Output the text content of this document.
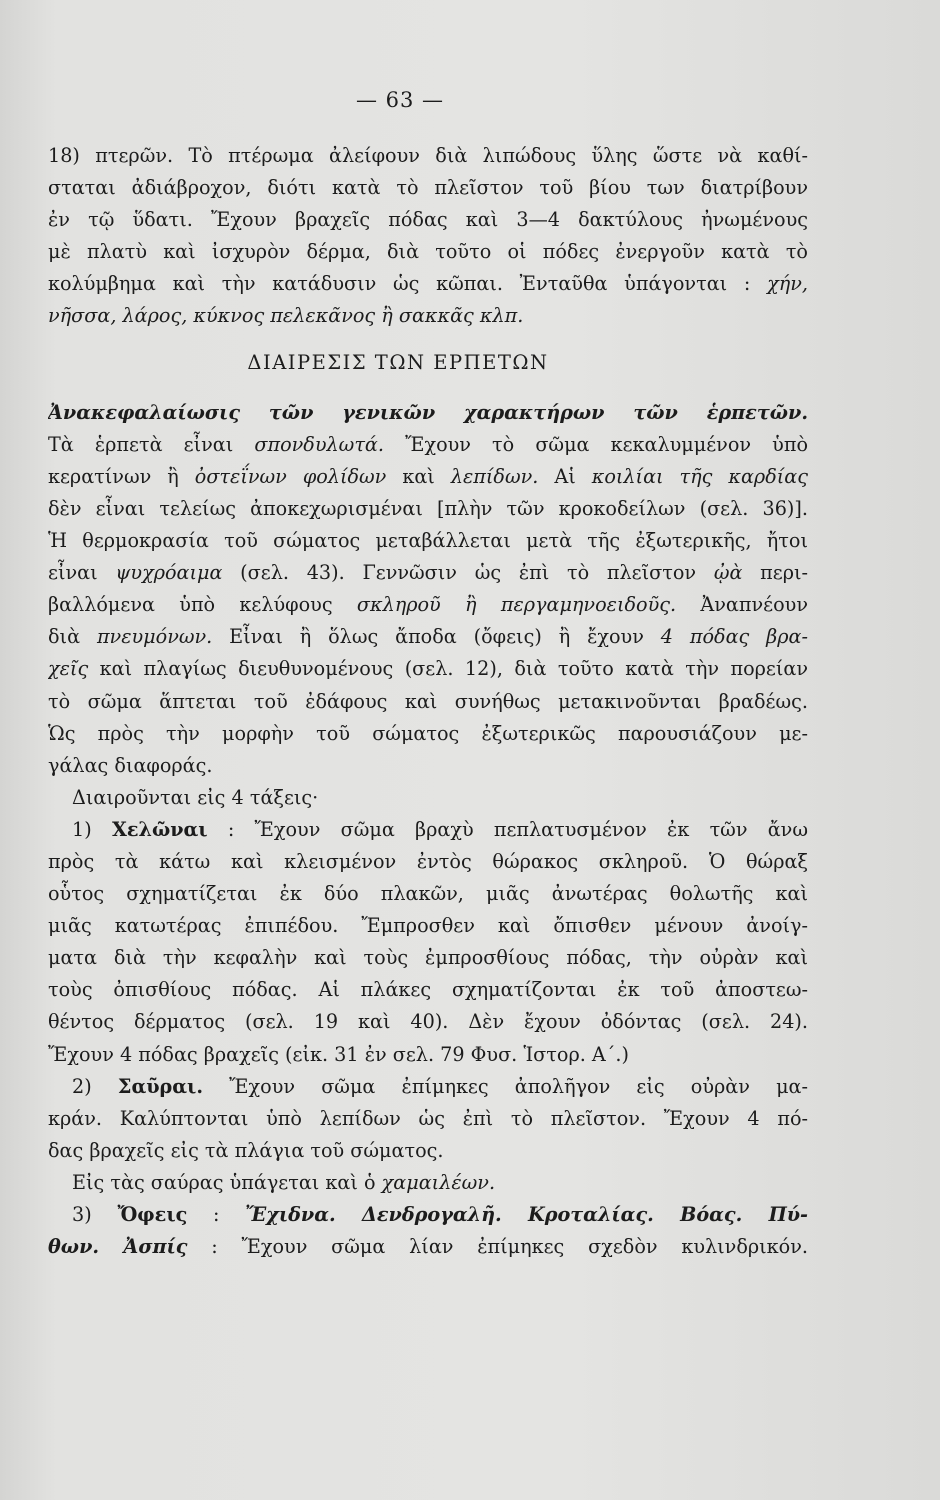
— 63 —
18) πτερῶν. Τὸ πτέρωμα ἀλείφουν διὰ λιπώδους ὕλης ὥστε νὰ καθί-
σταται ἀδιάβροχον, διότι κατὰ τὸ πλεῖστον τοῦ βίου των διατρίβουν
ἐν τῷ ὕδατι. Ἔχουν βραχεῖς πόδας καὶ 3—4 δακτύλους ἠνωμένους
μὲ πλατὺ καὶ ἰσχυρὸν δέρμα, διὰ τοῦτο οἱ πόδες ἐνεργοῦν κατὰ τὸ
κολύμβημα καὶ τὴν κατάδυσιν ὡς κῶπαι. Ἐνταῦθα ὑπάγονται : χήν,
νῆσσα, λάρος, κύκνος πελεκᾶνος ἢ σακκᾶς κλπ.
ΔΙΑΙΡΕΣΙΣ ΤΩΝ ΕΡΠΕΤΩΝ
Ἀνακεφαλαίωσις τῶν γενικῶν χαρακτήρων τῶν ἑρπετῶν.
Τὰ ἑρπετὰ εἶναι σπονδυλωτά. Ἔχουν τὸ σῶμα κεκαλυμμένον ὑπὸ
κερατίνων ἢ ὀστεΐνων φολίδων καὶ λεπίδων. Αἱ κοιλίαι τῆς καρδίας
δὲν εἶναι τελείως ἀποκεχωρισμέναι [πλὴν τῶν κροκοδείλων (σελ. 36)].
Ἡ θερμοκρασία τοῦ σώματος μεταβάλλεται μετὰ τῆς ἐξωτερικῆς, ἤτοι
εἶναι ψυχρόαιμα (σελ. 43). Γεννῶσιν ὡς ἐπὶ τὸ πλεῖστον ᾠὰ περι-
βαλλόμενα ὑπὸ κελύφους σκληροῦ ἢ περγαμηνοειδοῦς. Ἀναπνέουν
διὰ πνευμόνων. Εἶναι ἢ ὅλως ἄποδα (ὄφεις) ἢ ἔχουν 4 πόδας βρα-
χεῖς καὶ πλαγίως διευθυνομένους (σελ. 12), διὰ τοῦτο κατὰ τὴν πορείαν
τὸ σῶμα ἅπτεται τοῦ ἐδάφους καὶ συνήθως μετακινοῦνται βραδέως.
Ὡς πρὸς τὴν μορφὴν τοῦ σώματος ἐξωτερικῶς παρουσιάζουν με-
γάλας διαφοράς.
Διαιροῦνται εἰς 4 τάξεις·
1) Χελῶναι : Ἔχουν σῶμα βραχὺ πεπλατυσμένον ἐκ τῶν ἄνω
πρὸς τὰ κάτω καὶ κλεισμένον ἐντὸς θώρακος σκληροῦ. Ὁ θώραξ
οὗτος σχηματίζεται ἐκ δύο πλακῶν, μιᾶς ἀνωτέρας θολωτῆς καὶ
μιᾶς κατωτέρας ἐπιπέδου. Ἔμπροσθεν καὶ ὄπισθεν μένουν ἀνοίγ-
ματα διὰ τὴν κεφαλὴν καὶ τοὺς ἐμπροσθίους πόδας, τὴν οὐρὰν καὶ
τοὺς ὀπισθίους πόδας. Αἱ πλάκες σχηματίζονται ἐκ τοῦ ἀποστεω-
θέντος δέρματος (σελ. 19 καὶ 40). Δὲν ἔχουν ὀδόντας (σελ. 24).
Ἔχουν 4 πόδας βραχεῖς (εἰκ. 31 ἐν σελ. 79 Φυσ. Ἱστορ. Α΄.)
2) Σαῦραι. Ἔχουν σῶμα ἐπίμηκες ἀπολῆγον εἰς οὐρὰν μα-
κράν. Καλύπτονται ὑπὸ λεπίδων ὡς ἐπὶ τὸ πλεῖστον. Ἔχουν 4 πό-
δας βραχεῖς εἰς τὰ πλάγια τοῦ σώματος.
Εἰς τὰς σαύρας ὑπάγεται καὶ ὁ χαμαιλέων.
3) Ὄφεις : Ἔχιδνα. Δενδρογαλῆ. Κροταλίας. Βόας. Πύ-
θων. Ἀσπίς : Ἔχουν σῶμα λίαν ἐπίμηκες σχεδὸν κυλινδρικόν.
